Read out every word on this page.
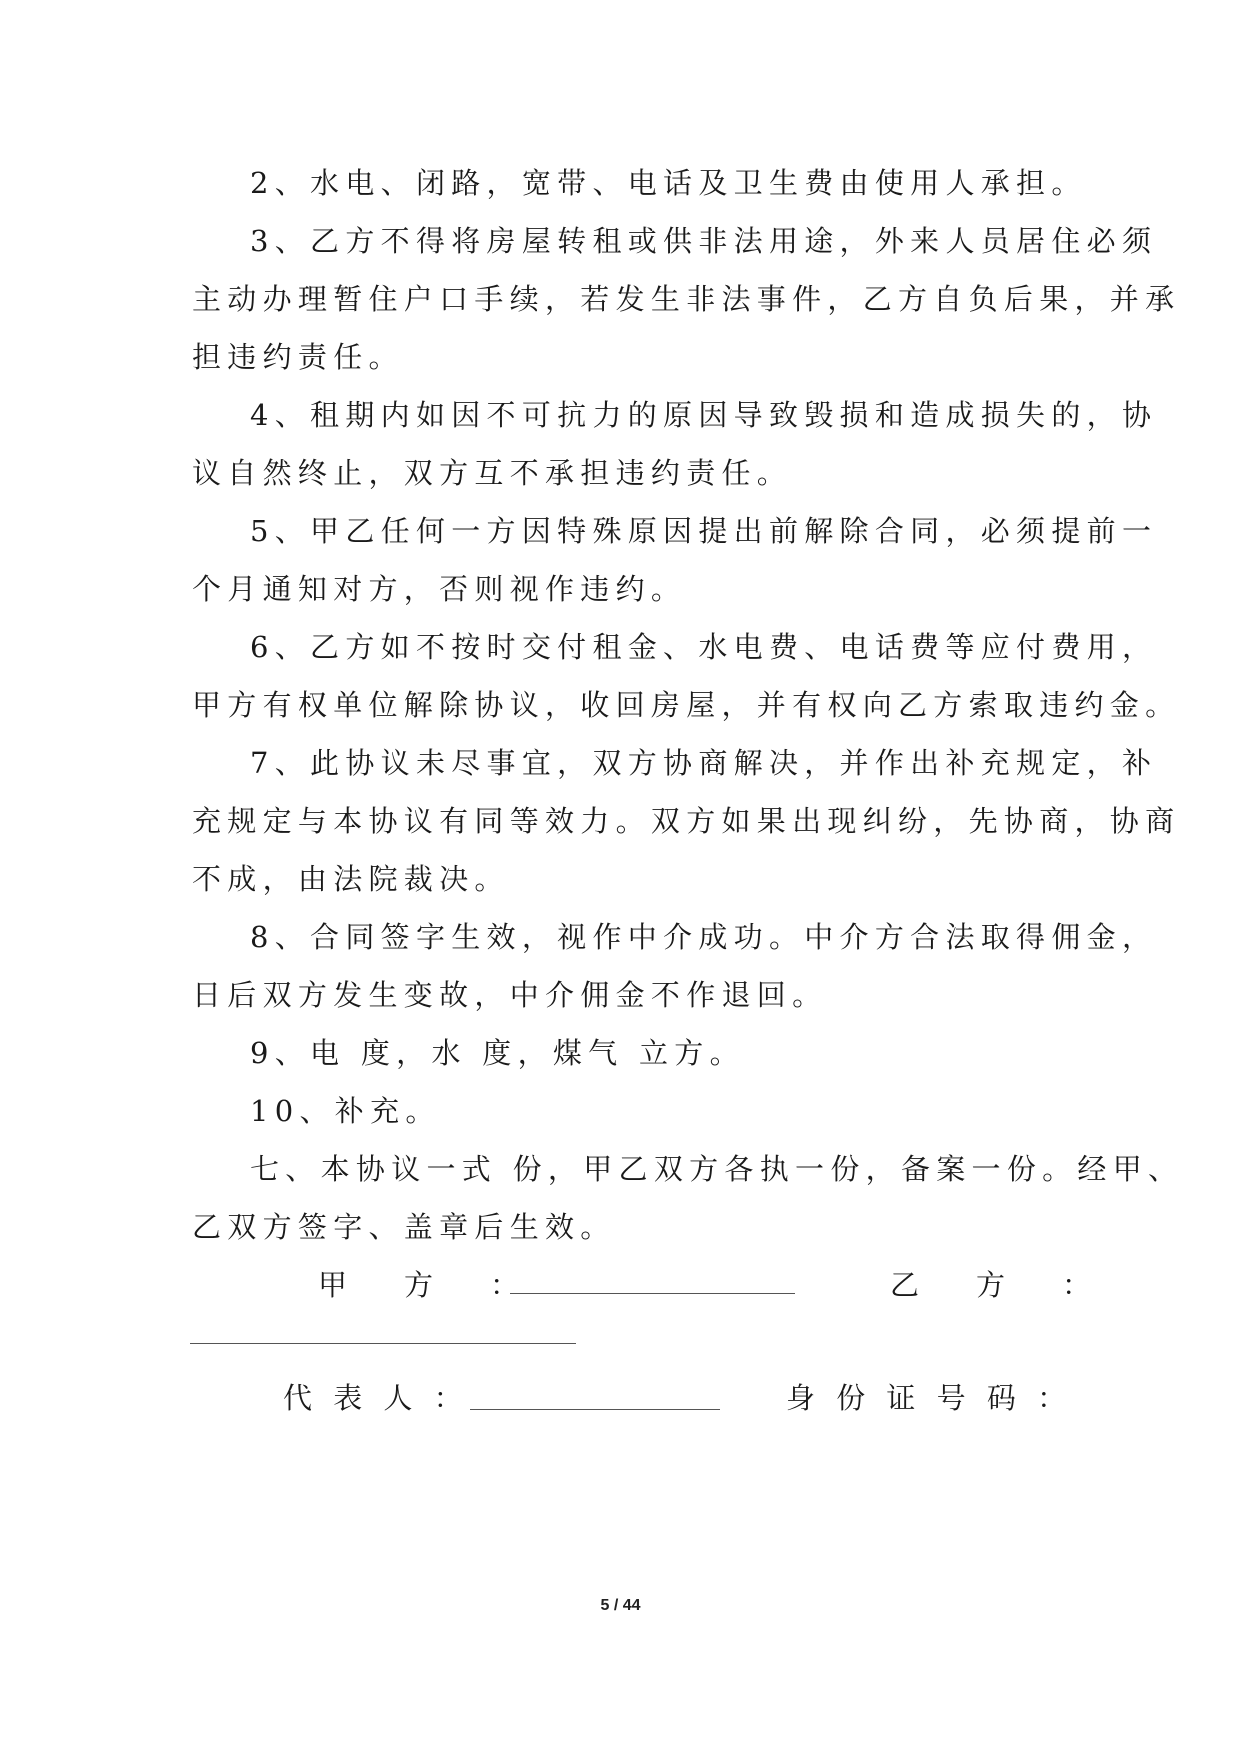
2、水电、闭路，宽带、电话及卫生费由使用人承担。
3、乙方不得将房屋转租或供非法用途，外来人员居住必须
主动办理暂住户口手续，若发生非法事件，乙方自负后果，并承
担违约责任。
4、租期内如因不可抗力的原因导致毁损和造成损失的，协
议自然终止，双方互不承担违约责任。
5、甲乙任何一方因特殊原因提出前解除合同，必须提前一
个月通知对方，否则视作违约。
6、乙方如不按时交付租金、水电费、电话费等应付费用，
甲方有权单位解除协议，收回房屋，并有权向乙方索取违约金。
7、此协议未尽事宜，双方协商解决，并作出补充规定，补
充规定与本协议有同等效力。双方如果出现纠纷，先协商，协商
不成，由法院裁决。
8、合同签字生效，视作中介成功。中介方合法取得佣金，
日后双方发生变故，中介佣金不作退回。
9、电 度，水 度，煤气 立方。
10、补充。
七、本协议一式 份，甲乙双方各执一份，备案一份。经甲、
乙双方签字、盖章后生效。
甲　方　：	乙　方　：
代 表 人 ：	身 份 证 号 码 ：
5 / 44
